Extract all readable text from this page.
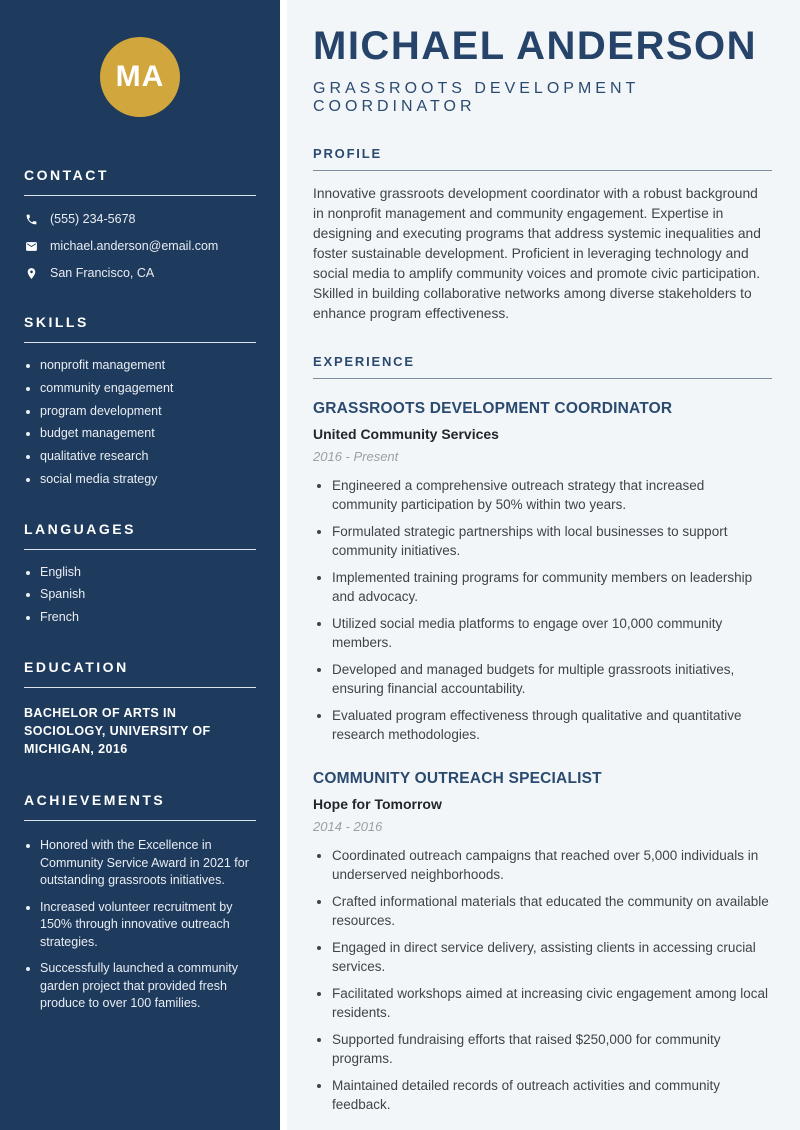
MA
CONTACT
(555) 234-5678
michael.anderson@email.com
San Francisco, CA
SKILLS
• nonprofit management
• community engagement
• program development
• budget management
• qualitative research
• social media strategy
LANGUAGES
• English
• Spanish
• French
EDUCATION

BACHELOR OF ARTS IN SOCIOLOGY, UNIVERSITY OF MICHIGAN, 2016

ACHIEVEMENTS
• Honored with the Excellence in Community Service Award in 2021 for outstanding grassroots initiatives.
• Increased volunteer recruitment by 150% through innovative outreach strategies.
• Successfully launched a community garden project that provided fresh produce to over 100 families.
MICHAEL ANDERSON
GRASSROOTS DEVELOPMENT COORDINATOR
PROFILE

Innovative grassroots development coordinator with a robust background in nonprofit management and community engagement. Expertise in designing and executing programs that address systemic inequalities and foster sustainable development. Proficient in leveraging technology and social media to amplify community voices and promote civic participation. Skilled in building collaborative networks among diverse stakeholders to enhance program effectiveness.

EXPERIENCE
GRASSROOTS DEVELOPMENT COORDINATOR

United Community Services

2016 - Present

• Engineered a comprehensive outreach strategy that increased community participation by 50% within two years.
• Formulated strategic partnerships with local businesses to support community initiatives.
• Implemented training programs for community members on leadership and advocacy.
• Utilized social media platforms to engage over 10,000 community members.
• Developed and managed budgets for multiple grassroots initiatives, ensuring financial accountability.
• Evaluated program effectiveness through qualitative and quantitative research methodologies.
COMMUNITY OUTREACH SPECIALIST

Hope for Tomorrow

2014 - 2016

• Coordinated outreach campaigns that reached over 5,000 individuals in underserved neighborhoods.
• Crafted informational materials that educated the community on available resources.
• Engaged in direct service delivery, assisting clients in accessing crucial services.
• Facilitated workshops aimed at increasing civic engagement among local residents.
• Supported fundraising efforts that raised $250,000 for community programs.
• Maintained detailed records of outreach activities and community feedback.
